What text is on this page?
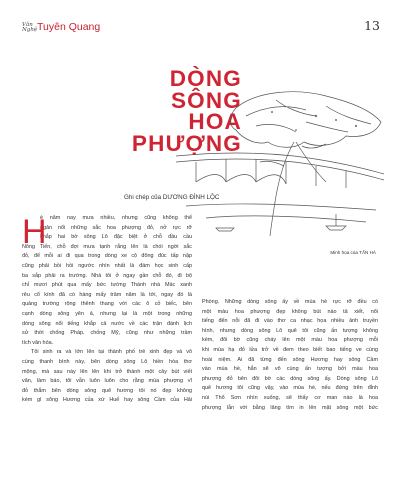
Văn Nghệ Tuyên Quang	13
DÒNG
SÔNG
HOA
PHƯỢNG
Ghi chép của DƯƠNG ĐÌNH LỘC
Minh họa của TẤN HÀ
H
è năm nay mưa nhiều, nhưng cũng không thể
ngăn nổi những sắc hoa phượng đỏ, nở rực rỡ
khắp hai bờ sông Lô đặc biệt ở chỗ đầu cầu
Nông Tiến, chỗ đợi mưa tạnh rắng lên là chói ngời sắc
đỏ, để mỗi ai đi qua trong dòng xe cộ đông đúc tấp nập
cũng phải bồi hồi ngước nhìn nhất là đám học sinh cấp
ba sắp phải ra trường. Nhà tôi ở ngay gần chỗ đó, đi bộ
chỉ mươi phút qua mấy bức tường Thánh nhà Mác xanh
rêu cổ kính đã có hàng mấy trăm năm là tới, ngay đó là
quảng trường rộng thênh thang với các ô cỏ biếc, bên
cạnh dòng sông yên ả, nhưng lại là một trong những
dòng sông nổi tiếng khắp cả nước về các trận đánh lịch
sử thời chống Pháp, chống Mỹ, cũng như những trầm
tích văn hóa.
Tôi sinh ra và lớn lên tại thành phố trẻ xinh đẹp và vô
cùng thanh bình này, bên dòng sông Lô hiền hòa thơ
mộng, mà sau này lên lên khi trở thành một cây bút viết
văn, làm báo, tôi vẫn luôn luôn cho rằng mùa phượng vĩ
đỏ thắm bên dòng sông quê hương tôi nó đẹp không
kém gì sông Hương của xứ Huế hay sông Cầm của Hải
Phòng. Những dòng sông ấy về mùa hè rực rỡ đều có
một màu hoa phượng đẹp không bút nào tả xiết, nổi
tiếng đến nỗi đã đi vào thơ ca nhạc họa nhiều ảnh truyền
hình, nhưng dòng sông Lô quê tôi cũng ấn tượng không
kém, đôi bờ cũng cháy lên một màu hoa phượng mỗi
khi mùa hạ đỏ lửa trở về đem theo biết bao tiếng ve cùng
hoài niệm. Ai đã từng đến sông Hương hay sông Cầm
vào mùa hè, hẳn sẽ vô cùng ấn tượng bởi màu hoa
phượng đỏ bên đôi bờ các dòng sông ấy. Dòng sông Lô
quê hương tôi cũng vậy, vào mùa hè, nếu đứng trên đỉnh
núi Thổ Sơn nhìn xuống, sẽ thấy cơ man nào là hoa
phượng lẫn với bằng lăng tím in lên mặt sông một bức
